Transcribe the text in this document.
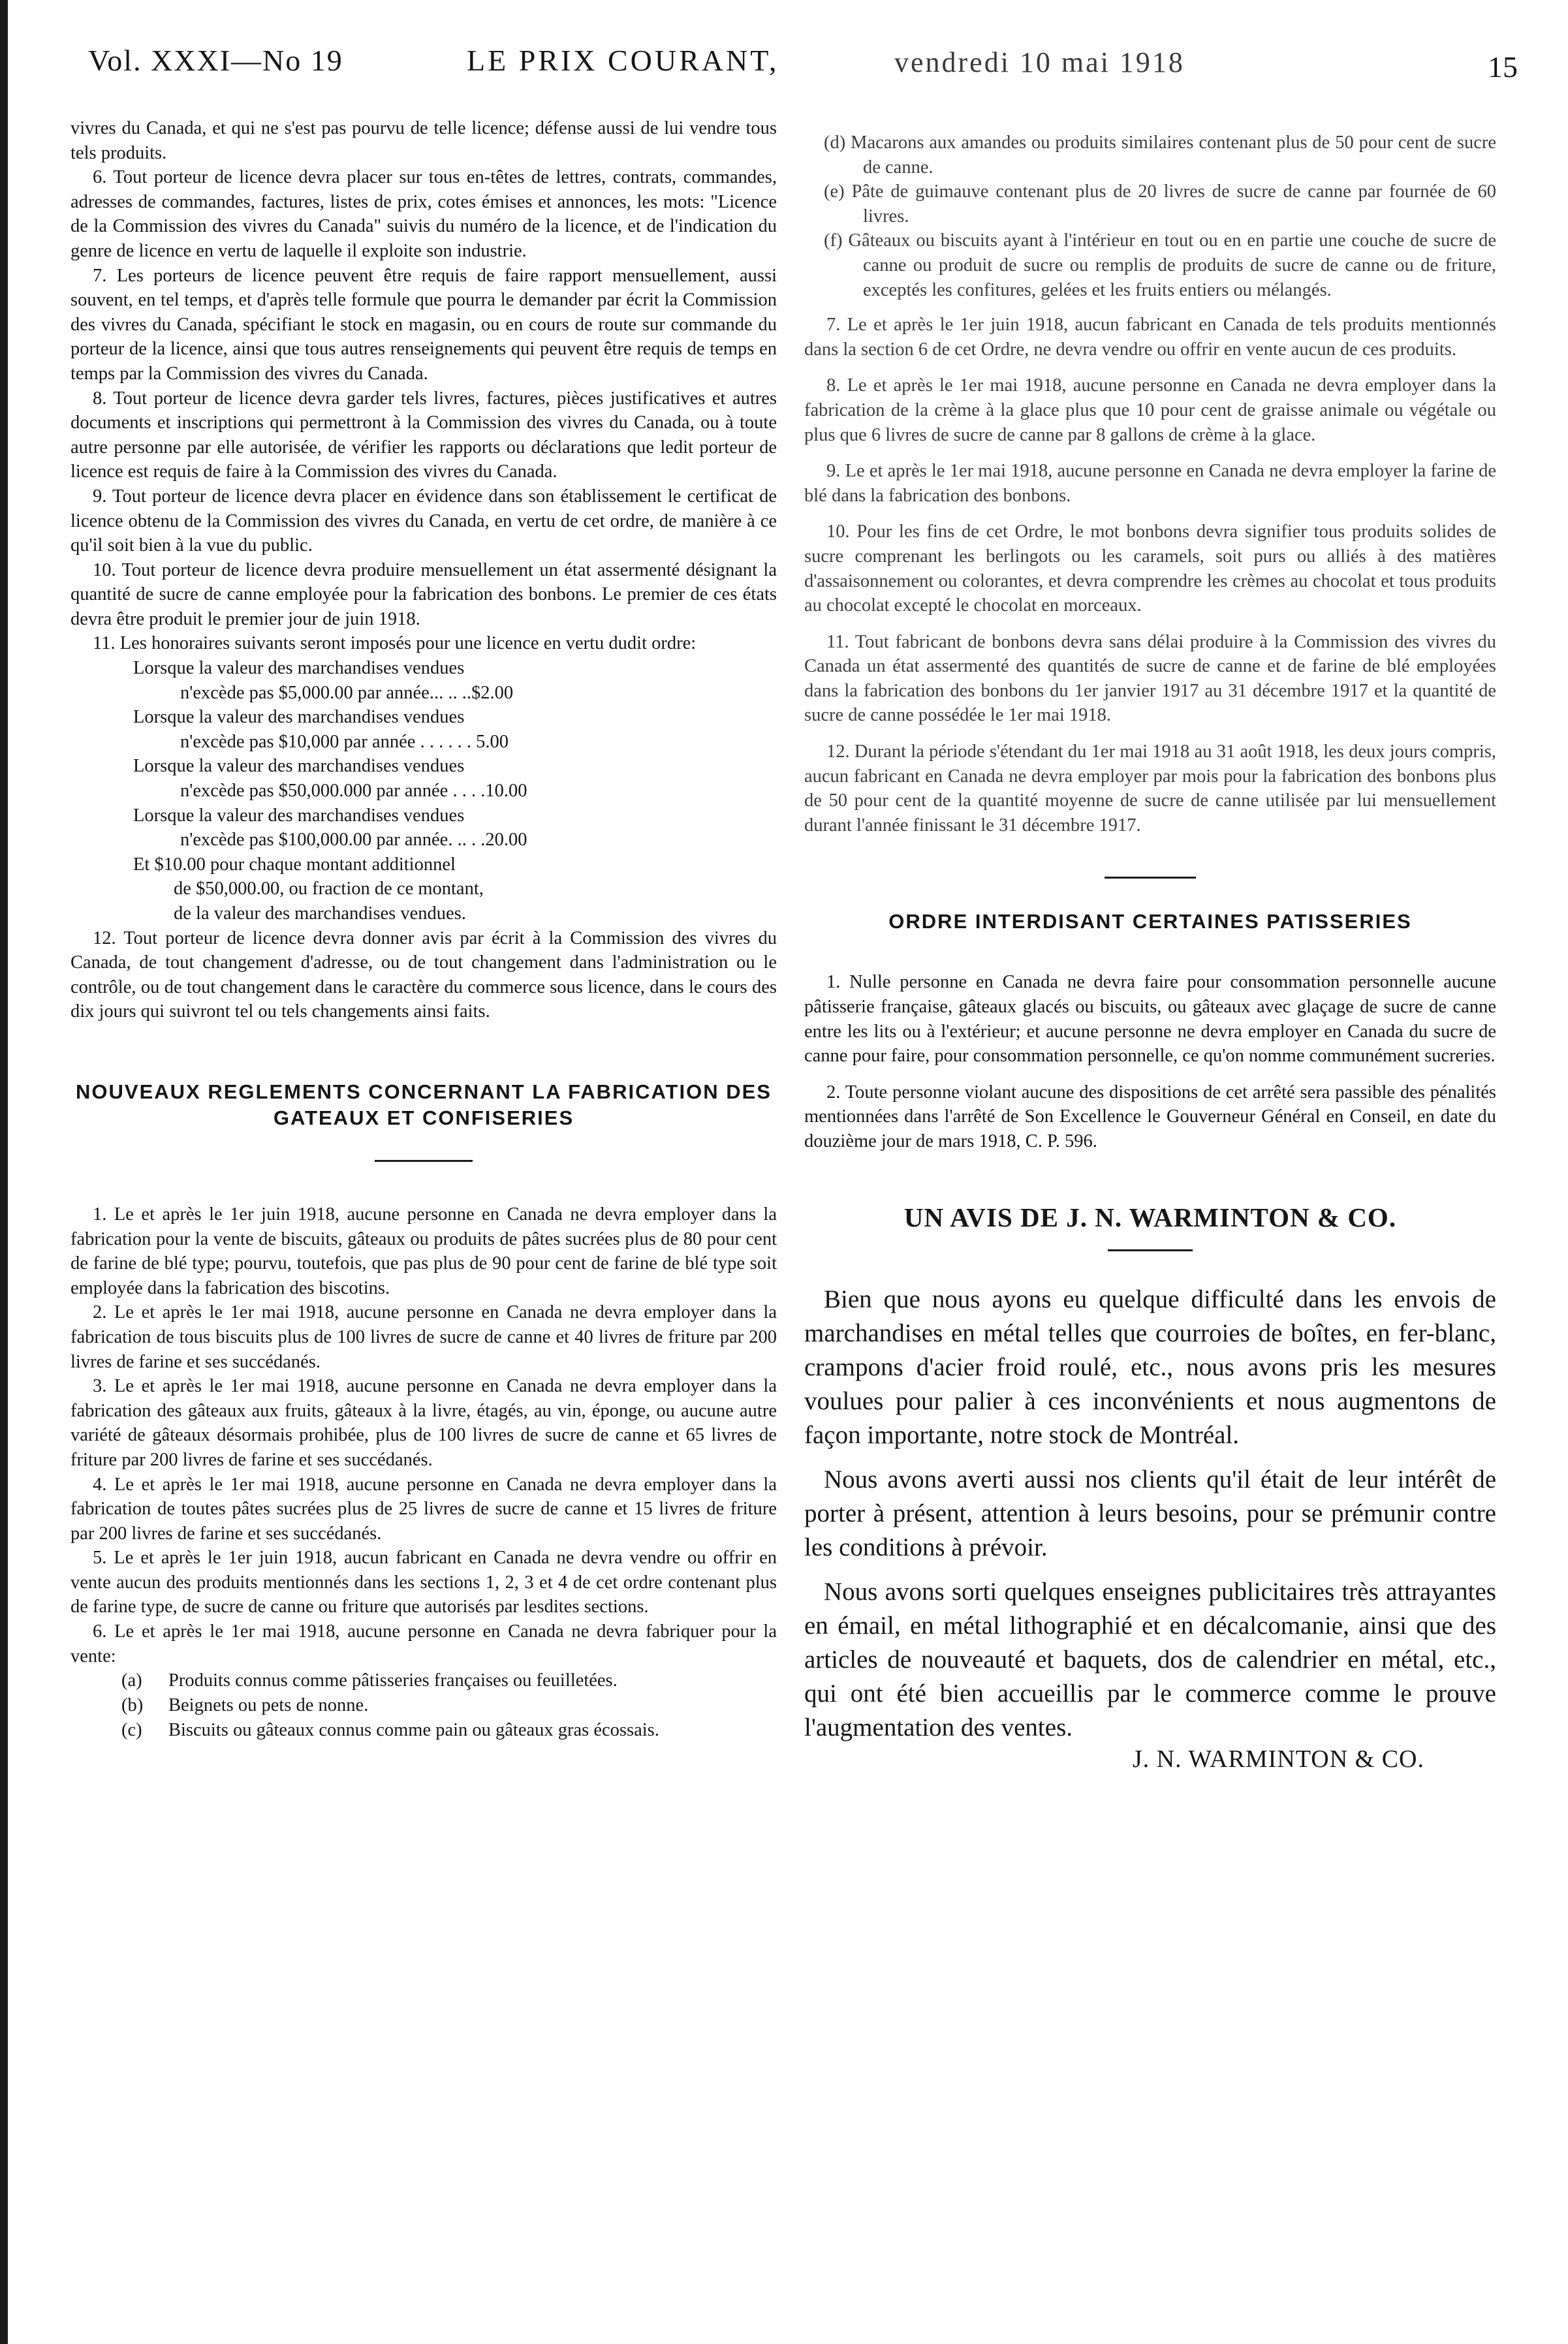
Vol. XXXI—No 19	LE PRIX COURANT,	vendredi 10 mai 1918	15

vivres du Canada, et qui ne s'est pas pourvu de telle licence; défense aussi de lui vendre tous tels produits.

6. Tout porteur de licence devra placer sur tous en-têtes de lettres, contrats, commandes, adresses de commandes, factures, listes de prix, cotes émises et annonces, les mots: "Licence de la Commission des vivres du Canada" suivis du numéro de la licence, et de l'indication du genre de licence en vertu de laquelle il exploite son industrie.

7. Les porteurs de licence peuvent être requis de faire rapport mensuellement, aussi souvent, en tel temps, et d'après telle formule que pourra le demander par écrit la Commission des vivres du Canada, spécifiant le stock en magasin, ou en cours de route sur commande du porteur de la licence, ainsi que tous autres renseignements qui peuvent être requis de temps en temps par la Commission des vivres du Canada.

8. Tout porteur de licence devra garder tels livres, factures, pièces justificatives et autres documents et inscriptions qui permettront à la Commission des vivres du Canada, ou à toute autre personne par elle autorisée, de vérifier les rapports ou déclarations que ledit porteur de licence est requis de faire à la Commission des vivres du Canada.

9. Tout porteur de licence devra placer en évidence dans son établissement le certificat de licence obtenu de la Commission des vivres du Canada, en vertu de cet ordre, de manière à ce qu'il soit bien à la vue du public.

10. Tout porteur de licence devra produire mensuellement un état assermenté désignant la quantité de sucre de canne employée pour la fabrication des bonbons. Le premier de ces états devra être produit le premier jour de juin 1918.

11. Les honoraires suivants seront imposés pour une licence en vertu dudit ordre:

Lorsque la valeur des marchandises vendues
n'excède pas $5,000.00 par année... .. ..$2.00
Lorsque la valeur des marchandises vendues
n'excède pas $10,000 par année . . . . . . 5.00
Lorsque la valeur des marchandises vendues
n'excède pas $50,000.000 par année . . . .10.00
Lorsque la valeur des marchandises vendues
n'excède pas $100,000.00 par année. .. . .20.00
Et $10.00 pour chaque montant additionnel
de $50,000.00, ou fraction de ce montant,
de la valeur des marchandises vendues.

12. Tout porteur de licence devra donner avis par écrit à la Commission des vivres du Canada, de tout changement d'adresse, ou de tout changement dans l'administration ou le contrôle, ou de tout changement dans le caractère du commerce sous licence, dans le cours des dix jours qui suivront tel ou tels changements ainsi faits.

NOUVEAUX REGLEMENTS CONCERNANT LA FABRICATION DES GATEAUX ET CONFISERIES

1. Le et après le 1er juin 1918, aucune personne en Canada ne devra employer dans la fabrication pour la vente de biscuits, gâteaux ou produits de pâtes sucrées plus de 80 pour cent de farine de blé type; pourvu, toutefois, que pas plus de 90 pour cent de farine de blé type soit employée dans la fabrication des biscotins.

2. Le et après le 1er mai 1918, aucune personne en Canada ne devra employer dans la fabrication de tous biscuits plus de 100 livres de sucre de canne et 40 livres de friture par 200 livres de farine et ses succédanés.

3. Le et après le 1er mai 1918, aucune personne en Canada ne devra employer dans la fabrication des gâteaux aux fruits, gâteaux à la livre, étagés, au vin, éponge, ou aucune autre variété de gâteaux désormais prohibée, plus de 100 livres de sucre de canne et 65 livres de friture par 200 livres de farine et ses succédanés.

4. Le et après le 1er mai 1918, aucune personne en Canada ne devra employer dans la fabrication de toutes pâtes sucrées plus de 25 livres de sucre de canne et 15 livres de friture par 200 livres de farine et ses succédanés.

5. Le et après le 1er juin 1918, aucun fabricant en Canada ne devra vendre ou offrir en vente aucun des produits mentionnés dans les sections 1, 2, 3 et 4 de cet ordre contenant plus de farine type, de sucre de canne ou friture que autorisés par lesdites sections.

6. Le et après le 1er mai 1918, aucune personne en Canada ne devra fabriquer pour la vente:

(a) Produits connus comme pâtisseries françaises ou feuilletées.
(b) Beignets ou pets de nonne.
(c) Biscuits ou gâteaux connus comme pain ou gâteaux gras écossais.

(d) Macarons aux amandes ou produits similaires contenant plus de 50 pour cent de sucre de canne.

(e) Pâte de guimauve contenant plus de 20 livres de sucre de canne par fournée de 60 livres.

(f) Gâteaux ou biscuits ayant à l'intérieur en tout ou en en partie une couche de sucre de canne ou produit de sucre ou remplis de produits de sucre de canne ou de friture, exceptés les confitures, gelées et les fruits entiers ou mélangés.

7. Le et après le 1er juin 1918, aucun fabricant en Canada de tels produits mentionnés dans la section 6 de cet Ordre, ne devra vendre ou offrir en vente aucun de ces produits.

8. Le et après le 1er mai 1918, aucune personne en Canada ne devra employer dans la fabrication de la crème à la glace plus que 10 pour cent de graisse animale ou végétale ou plus que 6 livres de sucre de canne par 8 gallons de crème à la glace.

9. Le et après le 1er mai 1918, aucune personne en Canada ne devra employer la farine de blé dans la fabrication des bonbons.

10. Pour les fins de cet Ordre, le mot bonbons devra signifier tous produits solides de sucre comprenant les berlingots ou les caramels, soit purs ou alliés à des matières d'assaisonnement ou colorantes, et devra comprendre les crèmes au chocolat et tous produits au chocolat excepté le chocolat en morceaux.

11. Tout fabricant de bonbons devra sans délai produire à la Commission des vivres du Canada un état assermenté des quantités de sucre de canne et de farine de blé employées dans la fabrication des bonbons du 1er janvier 1917 au 31 décembre 1917 et la quantité de sucre de canne possédée le 1er mai 1918.

12. Durant la période s'étendant du 1er mai 1918 au 31 août 1918, les deux jours compris, aucun fabricant en Canada ne devra employer par mois pour la fabrication des bonbons plus de 50 pour cent de la quantité moyenne de sucre de canne utilisée par lui mensuellement durant l'année finissant le 31 décembre 1917.

ORDRE INTERDISANT CERTAINES PATISSERIES

1. Nulle personne en Canada ne devra faire pour consommation personnelle aucune pâtisserie française, gâteaux glacés ou biscuits, ou gâteaux avec glaçage de sucre de canne entre les lits ou à l'extérieur; et aucune personne ne devra employer en Canada du sucre de canne pour faire, pour consommation personnelle, ce qu'on nomme communément sucreries.

2. Toute personne violant aucune des dispositions de cet arrêté sera passible des pénalités mentionnées dans l'arrêté de Son Excellence le Gouverneur Général en Conseil, en date du douzième jour de mars 1918, C. P. 596.

UN AVIS DE J. N. WARMINTON & CO.

Bien que nous ayons eu quelque difficulté dans les envois de marchandises en métal telles que courroies de boîtes, en fer-blanc, crampons d'acier froid roulé, etc., nous avons pris les mesures voulues pour palier à ces inconvénients et nous augmentons de façon importante, notre stock de Montréal.

Nous avons averti aussi nos clients qu'il était de leur intérêt de porter à présent, attention à leurs besoins, pour se prémunir contre les conditions à prévoir.

Nous avons sorti quelques enseignes publicitaires très attrayantes en émail, en métal lithographié et en décalcomanie, ainsi que des articles de nouveauté et baquets, dos de calendrier en métal, etc., qui ont été bien accueillis par le commerce comme le prouve l'augmentation des ventes.

J. N. WARMINTON & CO.
